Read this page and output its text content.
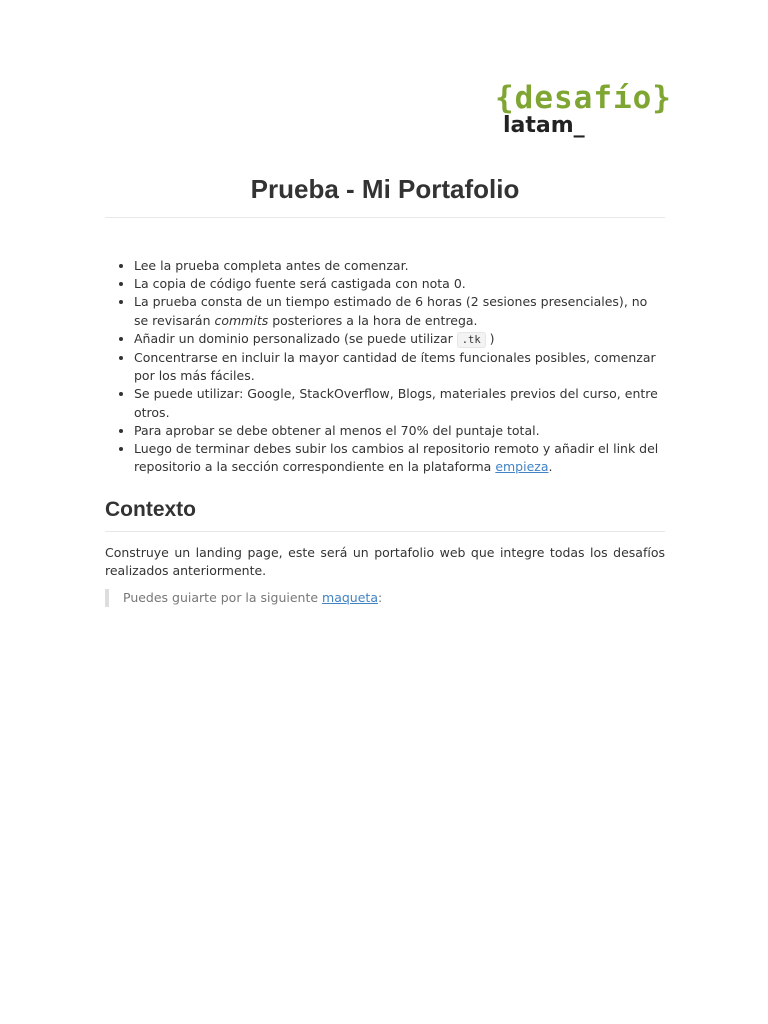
{desafío}
latam_
Prueba - Mi Portafolio
• Lee la prueba completa antes de comenzar.
• La copia de código fuente será castigada con nota 0.
• La prueba consta de un tiempo estimado de 6 horas (2 sesiones presenciales), no se revisarán commits posteriores a la hora de entrega.
• Añadir un dominio personalizado (se puede utilizar .tk )
• Concentrarse en incluir la mayor cantidad de ítems funcionales posibles, comenzar por los más fáciles.
• Se puede utilizar: Google, StackOverflow, Blogs, materiales previos del curso, entre otros.
• Para aprobar se debe obtener al menos el 70% del puntaje total.
• Luego de terminar debes subir los cambios al repositorio remoto y añadir el link del repositorio a la sección correspondiente en la plataforma empieza.
Contexto

Construye un landing page, este será un portafolio web que integre todas los desafíos realizados anteriormente.

Puedes guiarte por la siguiente maqueta:
